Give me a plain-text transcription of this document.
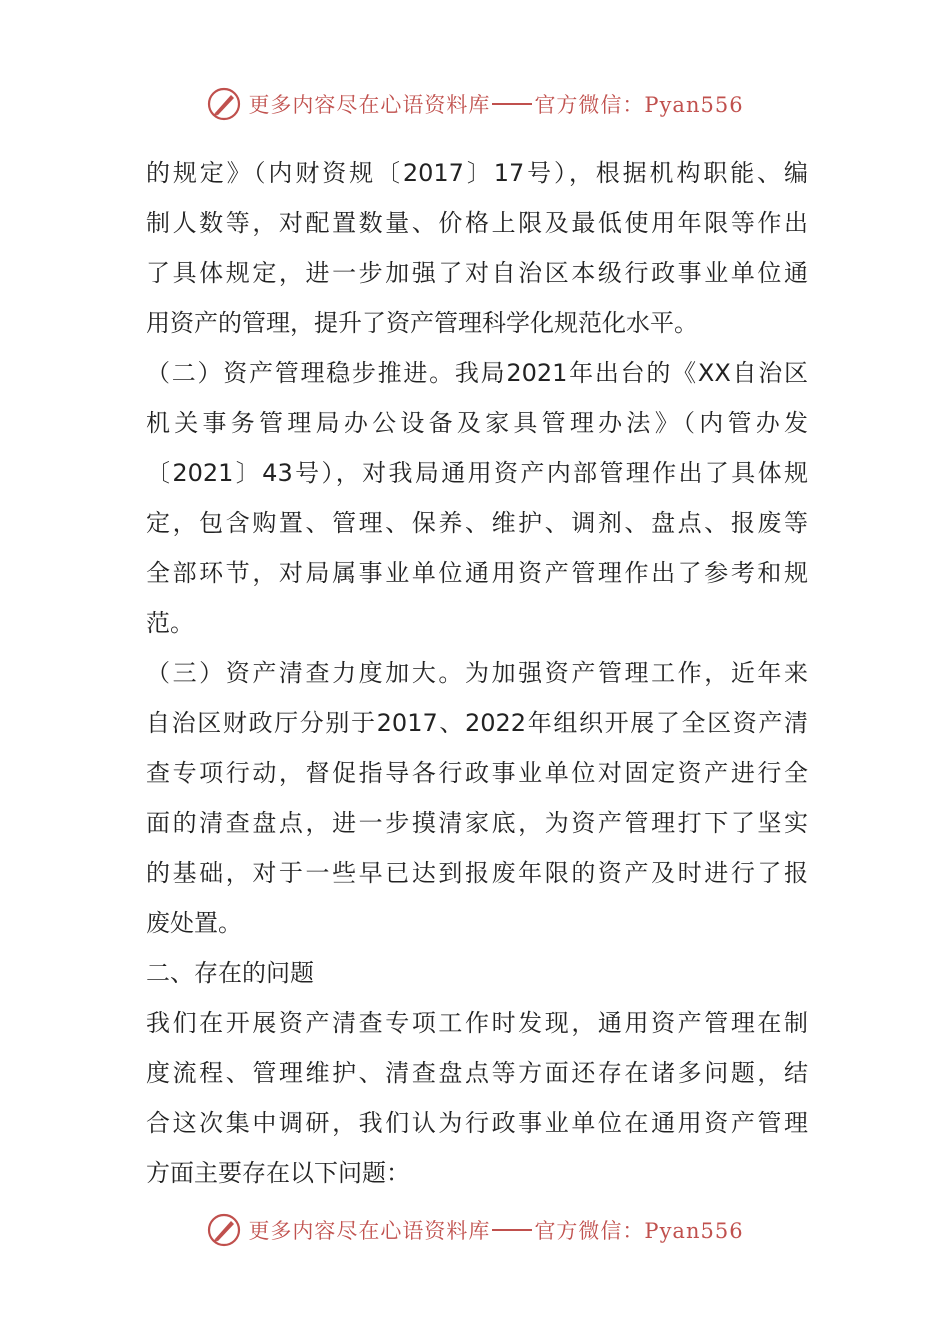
更多内容尽在心语资料库 官方微信：Pyan556
的规定》（内财资规〔2017〕17号），根据机构职能、编
制人数等，对配置数量、价格上限及最低使用年限等作出
了具体规定，进一步加强了对自治区本级行政事业单位通
用资产的管理，提升了资产管理科学化规范化水平。
（二）资产管理稳步推进。我局2021年出台的《XX自治区
机关事务管理局办公设备及家具管理办法》（内管办发
〔2021〕43号），对我局通用资产内部管理作出了具体规
定，包含购置、管理、保养、维护、调剂、盘点、报废等
全部环节，对局属事业单位通用资产管理作出了参考和规
范。
（三）资产清查力度加大。为加强资产管理工作，近年来
自治区财政厅分别于2017、2022年组织开展了全区资产清
查专项行动，督促指导各行政事业单位对固定资产进行全
面的清查盘点，进一步摸清家底，为资产管理打下了坚实
的基础，对于一些早已达到报废年限的资产及时进行了报
废处置。
二、存在的问题
我们在开展资产清查专项工作时发现，通用资产管理在制
度流程、管理维护、清查盘点等方面还存在诸多问题，结
合这次集中调研，我们认为行政事业单位在通用资产管理
方面主要存在以下问题：
更多内容尽在心语资料库 官方微信：Pyan556
